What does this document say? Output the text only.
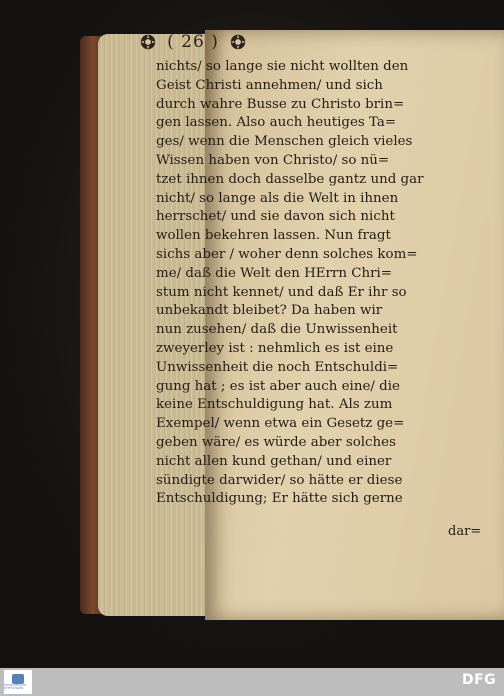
( 26 )
nichts/ so lange sie nicht wollten den
Geist Christi annehmen/ und sich
durch wahre Busse zu Christo brin=
gen lassen. Also auch heutiges Ta=
ges/ wenn die Menschen gleich vieles
Wissen haben von Christo/ so nü=
tzet ihnen doch dasselbe gantz und gar
nicht/ so lange als die Welt in ihnen
herrschet/ und sie davon sich nicht
wollen bekehren lassen. Nun fragt
sichs aber / woher denn solches kom=
me/ daß die Welt den HErrn Chri=
stum nicht kennet/ und daß Er ihr so
unbekandt bleibet? Da haben wir
nun zusehen/ daß die Unwissenheit
zweyerley ist : nehmlich es ist eine
Unwissenheit die noch Entschuldi=
gung hat ; es ist aber auch eine/ die
keine Entschuldigung hat. Als zum
Exempel/ wenn etwa ein Gesetz ge=
geben wäre/ es würde aber solches
nicht allen kund gethan/ und einer
sündigte darwider/ so hätte er diese
Entschuldigung; Er hätte sich gerne
dar=
FRANCKESCHE STIFTUNGEN	DFG
